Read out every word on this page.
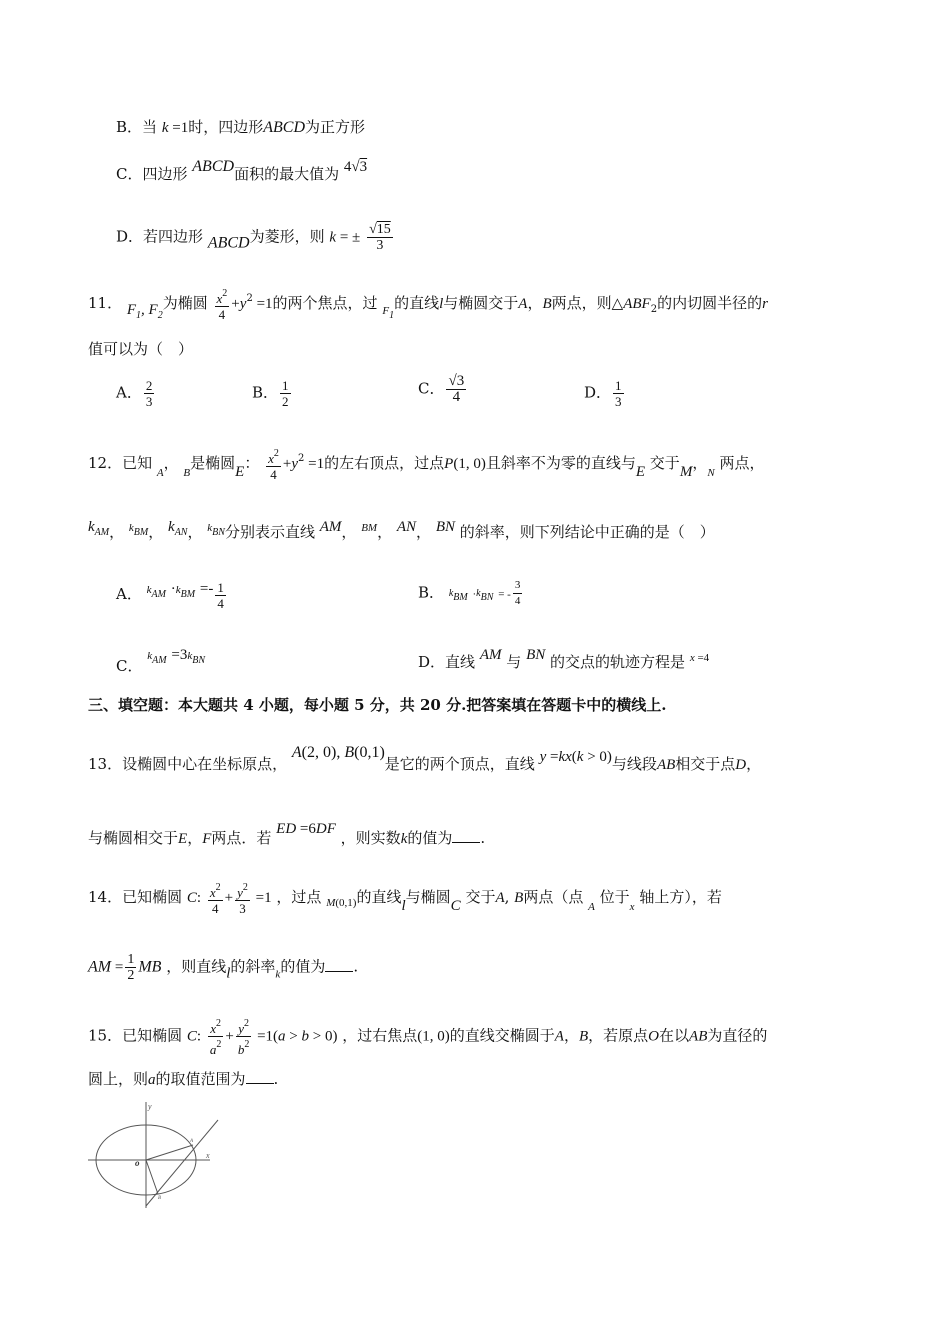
B．当 k =1时，四边形ABCD为正方形
C．四边形 ABCD面积的最大值为 4√3
D．若四边形 ABCD为菱形，则 k = ± $\frac{√15}{3}$
11． $F_1$, $F_2$为椭圆 $\frac{x^2}{4} +y^2 =1$的两个焦点，过 $_{F1}$的直线l与椭圆交于A，B两点，则$\triangle ABF_2$的内切圆半径的r
值可以为（　）
A． $\frac{2}{3}$	B． $\frac{1}{2}$	C． $\frac{√3}{4}$	D． $\frac{1}{3}$
12．已知 $_A$， $_B$是椭圆E： $\frac{x^2}{4} +y^2 =1$的左右顶点，过点P(1, 0)且斜率不为零的直线与E 交于M，$_N$ 两点，
$k_{AM}$， $^{kBM}$， $k_{AN}$， $^{kBN}$分别表示直线 AM， $^{BM}$， AN， BN 的斜率，则下列结论中正确的是（　）
A． $^{kAM} \cdot^{kBM} =- \frac{1}{4}$	B． kBM ·kBN = - $\frac{3}{4}$
C． $^{kAM} =3^{kBN}$	D．直线 AM 与 BN 的交点的轨迹方程是 $^x$ $^{=4}$
三、填空题：本大题共 4 小题，每小题 5 分，共 20 分.把答案填在答题卡中的横线上.
13．设椭圆中心在坐标原点， A(2, 0), B(0,1)是它的两个顶点，直线 y =kx(k > 0)与线段AB相交于点D，
与椭圆相交于E，F两点．若 ED =6DF ，则实数k的值为 .
14．已知椭圆 C: $\frac{x^2}{4} + \frac{y^2}{3} =1$ ，过点 $_{M(0,1)}$的直线l与椭圆C 交于A, B两点（点 $_A$ 位于$_x$ 轴上方），若
AM = $\frac{1}{2}$ MB ，则直线l的斜率$_k$的值为 .
15．已知椭圆 C: $\frac{x^2}{a^2} + \frac{y^2}{b^2} =1(a > b > 0)$ ，过右焦点(1, 0)的直线交椭圆于A，B，若原点O在以AB为直径的
圆上，则a的取值范围为 .
y
x
o
A
B
